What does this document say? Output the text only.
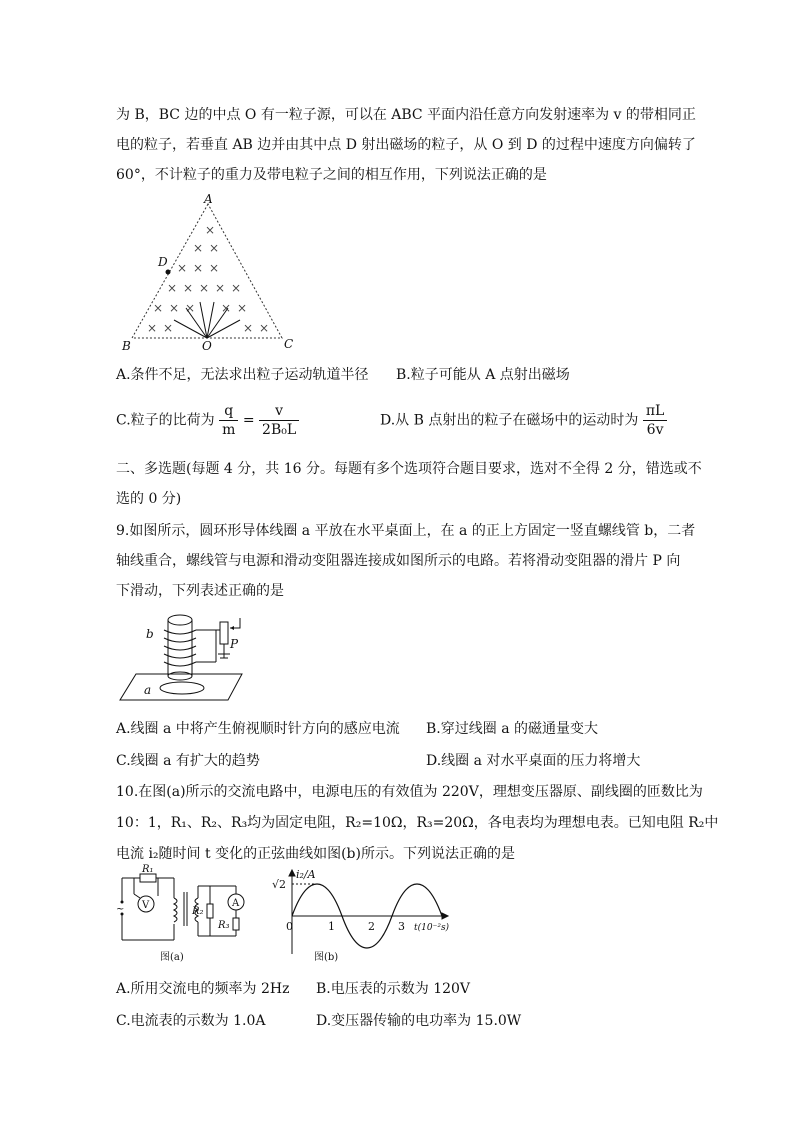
为 B，BC 边的中点 O 有一粒子源，可以在 ABC 平面内沿任意方向发射速率为 v 的带相同正
电的粒子，若垂直 AB 边并由其中点 D 射出磁场的粒子，从 O 到 D 的过程中速度方向偏转了
60°，不计粒子的重力及带电粒子之间的相互作用，下列说法正确的是
×
× ×
× × ×
× × × × ×
× × × × ×
× ×	× ×
A
D
B	C
O
A.条件不足，无法求出粒子运动轨道半径 B.粒子可能从 A 点射出磁场
C.粒子的比荷为 $\frac{q}{m} = \frac{v}{\text{2B₀L}}$	D.从 B 点射出的粒子在磁场中的运动时为 $\frac{\pi L}{6v}$
二、多选题(每题 4 分，共 16 分。每题有多个选项符合题目要求，选对不全得 2 分，错选或不
选的 0 分)
9.如图所示，圆环形导体线圈 a 平放在水平桌面上，在 a 的正上方固定一竖直螺线管 b，二者
轴线重合，螺线管与电源和滑动变阻器连接成如图所示的电路。若将滑动变阻器的滑片 P 向
下滑动，下列表述正确的是
b
P
a
A.线圈 a 中将产生俯视顺时针方向的感应电流 B.穿过线圈 a 的磁通量变大
C.线圈 a 有扩大的趋势	D.线圈 a 对水平桌面的压力将增大
10.在图(a)所示的交流电路中，电源电压的有效值为 220V，理想变压器原、副线圈的匝数比为
10：1，R₁、R₂、R₃均为固定电阻，R₂=10Ω，R₃=20Ω，各电表均为理想电表。已知电阻 R₂中
电流 i₂随时间 t 变化的正弦曲线如图(b)所示。下列说法正确的是
~
R₁
V
R₂
A
R₃
图(a)
i₂/A
√2
0	1	2 3 t(10⁻²s)
图(b)
A.所用交流电的频率为 2Hz B.电压表的示数为 120V
C.电流表的示数为 1.0A	D.变压器传输的电功率为 15.0W
